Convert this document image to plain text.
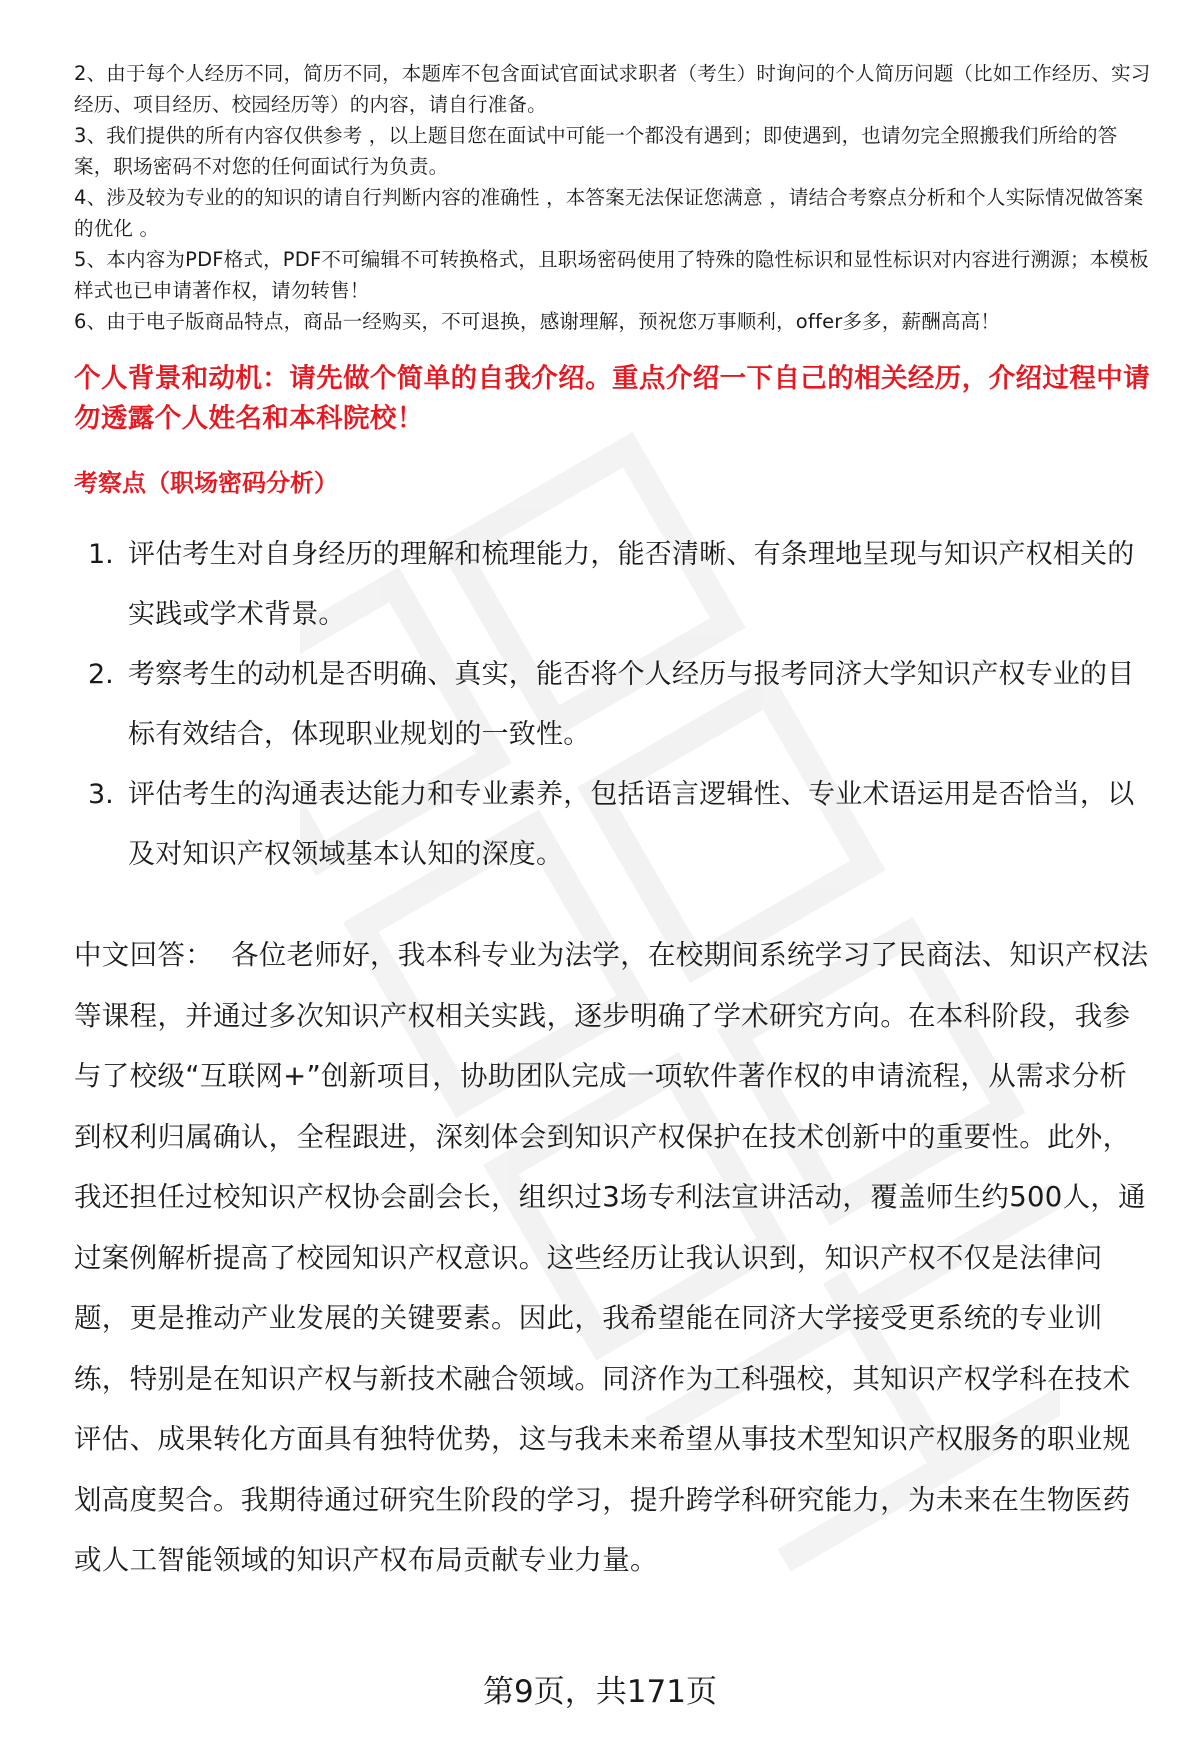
2、由于每个人经历不同，简历不同，本题库不包含面试官面试求职者（考生）时询问的个人简历问题（比如工作经历、实习经历、项目经历、校园经历等）的内容，请自行准备。

3、我们提供的所有内容仅供参考 ，以上题目您在面试中可能一个都没有遇到；即使遇到，也请勿完全照搬我们所给的答案，职场密码不对您的任何面试行为负责。

4、涉及较为专业的的知识的请自行判断内容的准确性 ，本答案无法保证您满意 ，请结合考察点分析和个人实际情况做答案的优化 。

5、本内容为PDF格式，PDF不可编辑不可转换格式，且职场密码使用了特殊的隐性标识和显性标识对内容进行溯源；本模板样式也已申请著作权，请勿转售！

6、由于电子版商品特点，商品一经购买，不可退换，感谢理解，预祝您万事顺利，offer多多，薪酬高高！

个人背景和动机：请先做个简单的自我介绍。重点介绍一下自己的相关经历，介绍过程中请勿透露个人姓名和本科院校！
考察点（职场密码分析）
1. 评估考生对自身经历的理解和梳理能力，能否清晰、有条理地呈现与知识产权相关的实践或学术背景。
2. 考察考生的动机是否明确、真实，能否将个人经历与报考同济大学知识产权专业的目标有效结合，体现职业规划的一致性。
3. 评估考生的沟通表达能力和专业素养，包括语言逻辑性、专业术语运用是否恰当，以及对知识产权领域基本认知的深度。

中文回答： 各位老师好，我本科专业为法学，在校期间系统学习了民商法、知识产权法等课程，并通过多次知识产权相关实践，逐步明确了学术研究方向。在本科阶段，我参与了校级“互联网+”创新项目，协助团队完成一项软件著作权的申请流程，从需求分析到权利归属确认，全程跟进，深刻体会到知识产权保护在技术创新中的重要性。此外，我还担任过校知识产权协会副会长，组织过3场专利法宣讲活动，覆盖师生约500人，通过案例解析提高了校园知识产权意识。这些经历让我认识到，知识产权不仅是法律问题，更是推动产业发展的关键要素。因此，我希望能在同济大学接受更系统的专业训练，特别是在知识产权与新技术融合领域。同济作为工科强校，其知识产权学科在技术评估、成果转化方面具有独特优势，这与我未来希望从事技术型知识产权服务的职业规划高度契合。我期待通过研究生阶段的学习，提升跨学科研究能力，为未来在生物医药或人工智能领域的知识产权布局贡献专业力量。

第9页，共171页
